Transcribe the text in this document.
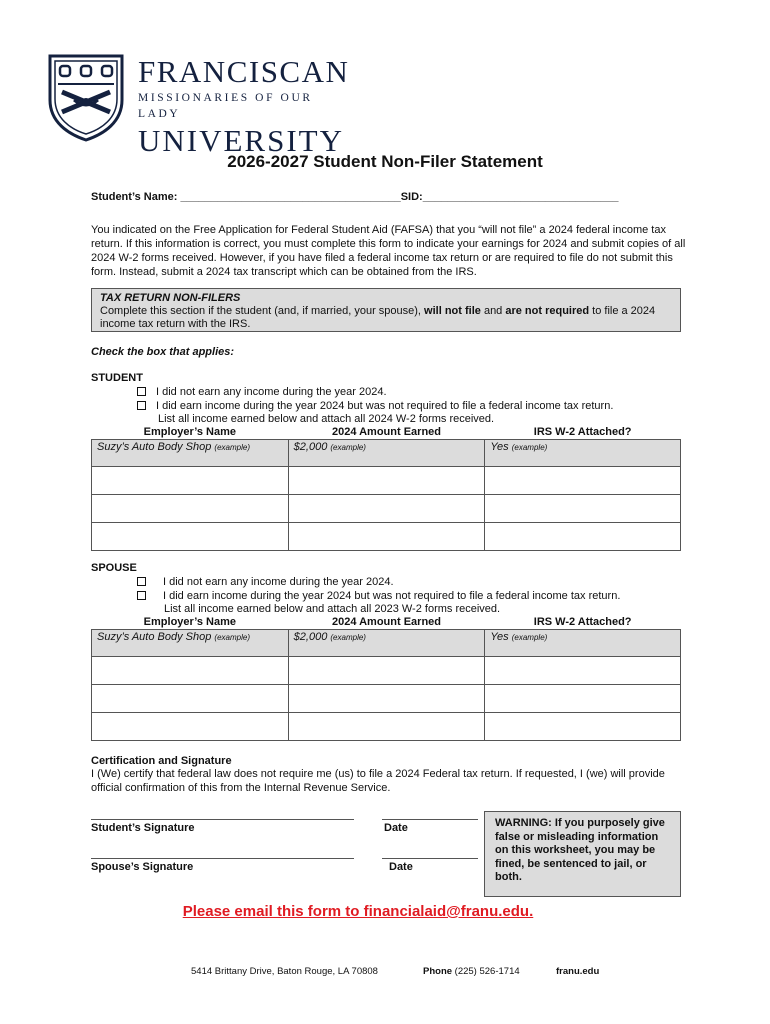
FRANCISCAN
MISSIONARIES OF OUR LADY
UNIVERSITY
2026-2027 Student Non-Filer Statement
Student’s Name: ____________________________________SID:________________________________
You indicated on the Free Application for Federal Student Aid (FAFSA) that you “will not file” a 2024 federal income tax return. If this information is correct, you must complete this form to indicate your earnings for 2024 and submit copies of all 2024 W-2 forms received. However, if you have filed a federal income tax return or are required to file do not submit this form. Instead, submit a 2024 tax transcript which can be obtained from the IRS.
TAX RETURN NON-FILERS
Complete this section if the student (and, if married, your spouse), will not file and are not required to file a 2024 income tax return with the IRS.
Check the box that applies:
STUDENT
I did not earn any income during the year 2024.
I did earn income during the year 2024 but was not required to file a federal income tax return.
List all income earned below and attach all 2024 W-2 forms received.
Employer’s Name	2024 Amount Earned	IRS W-2 Attached?
Suzy’s Auto Body Shop (example)	$2,000 (example)	Yes (example)

SPOUSE
I did not earn any income during the year 2024.
I did earn income during the year 2024 but was not required to file a federal income tax return.
List all income earned below and attach all 2023 W-2 forms received.
Employer’s Name	2024 Amount Earned	IRS W-2 Attached?
Suzy’s Auto Body Shop (example)	$2,000 (example)	Yes (example)

Certification and Signature
I (We) certify that federal law does not require me (us) to file a 2024 Federal tax return. If requested, I (we) will provide official confirmation of this from the Internal Revenue Service.
Student’s Signature	Date
Spouse’s Signature	Date
WARNING: If you purposely give false or misleading information on this worksheet, you may be fined, be sentenced to jail, or both.
Please email this form to financialaid@franu.edu.
5414 Brittany Drive, Baton Rouge, LA 70808	Phone (225) 526-1714	franu.edu
